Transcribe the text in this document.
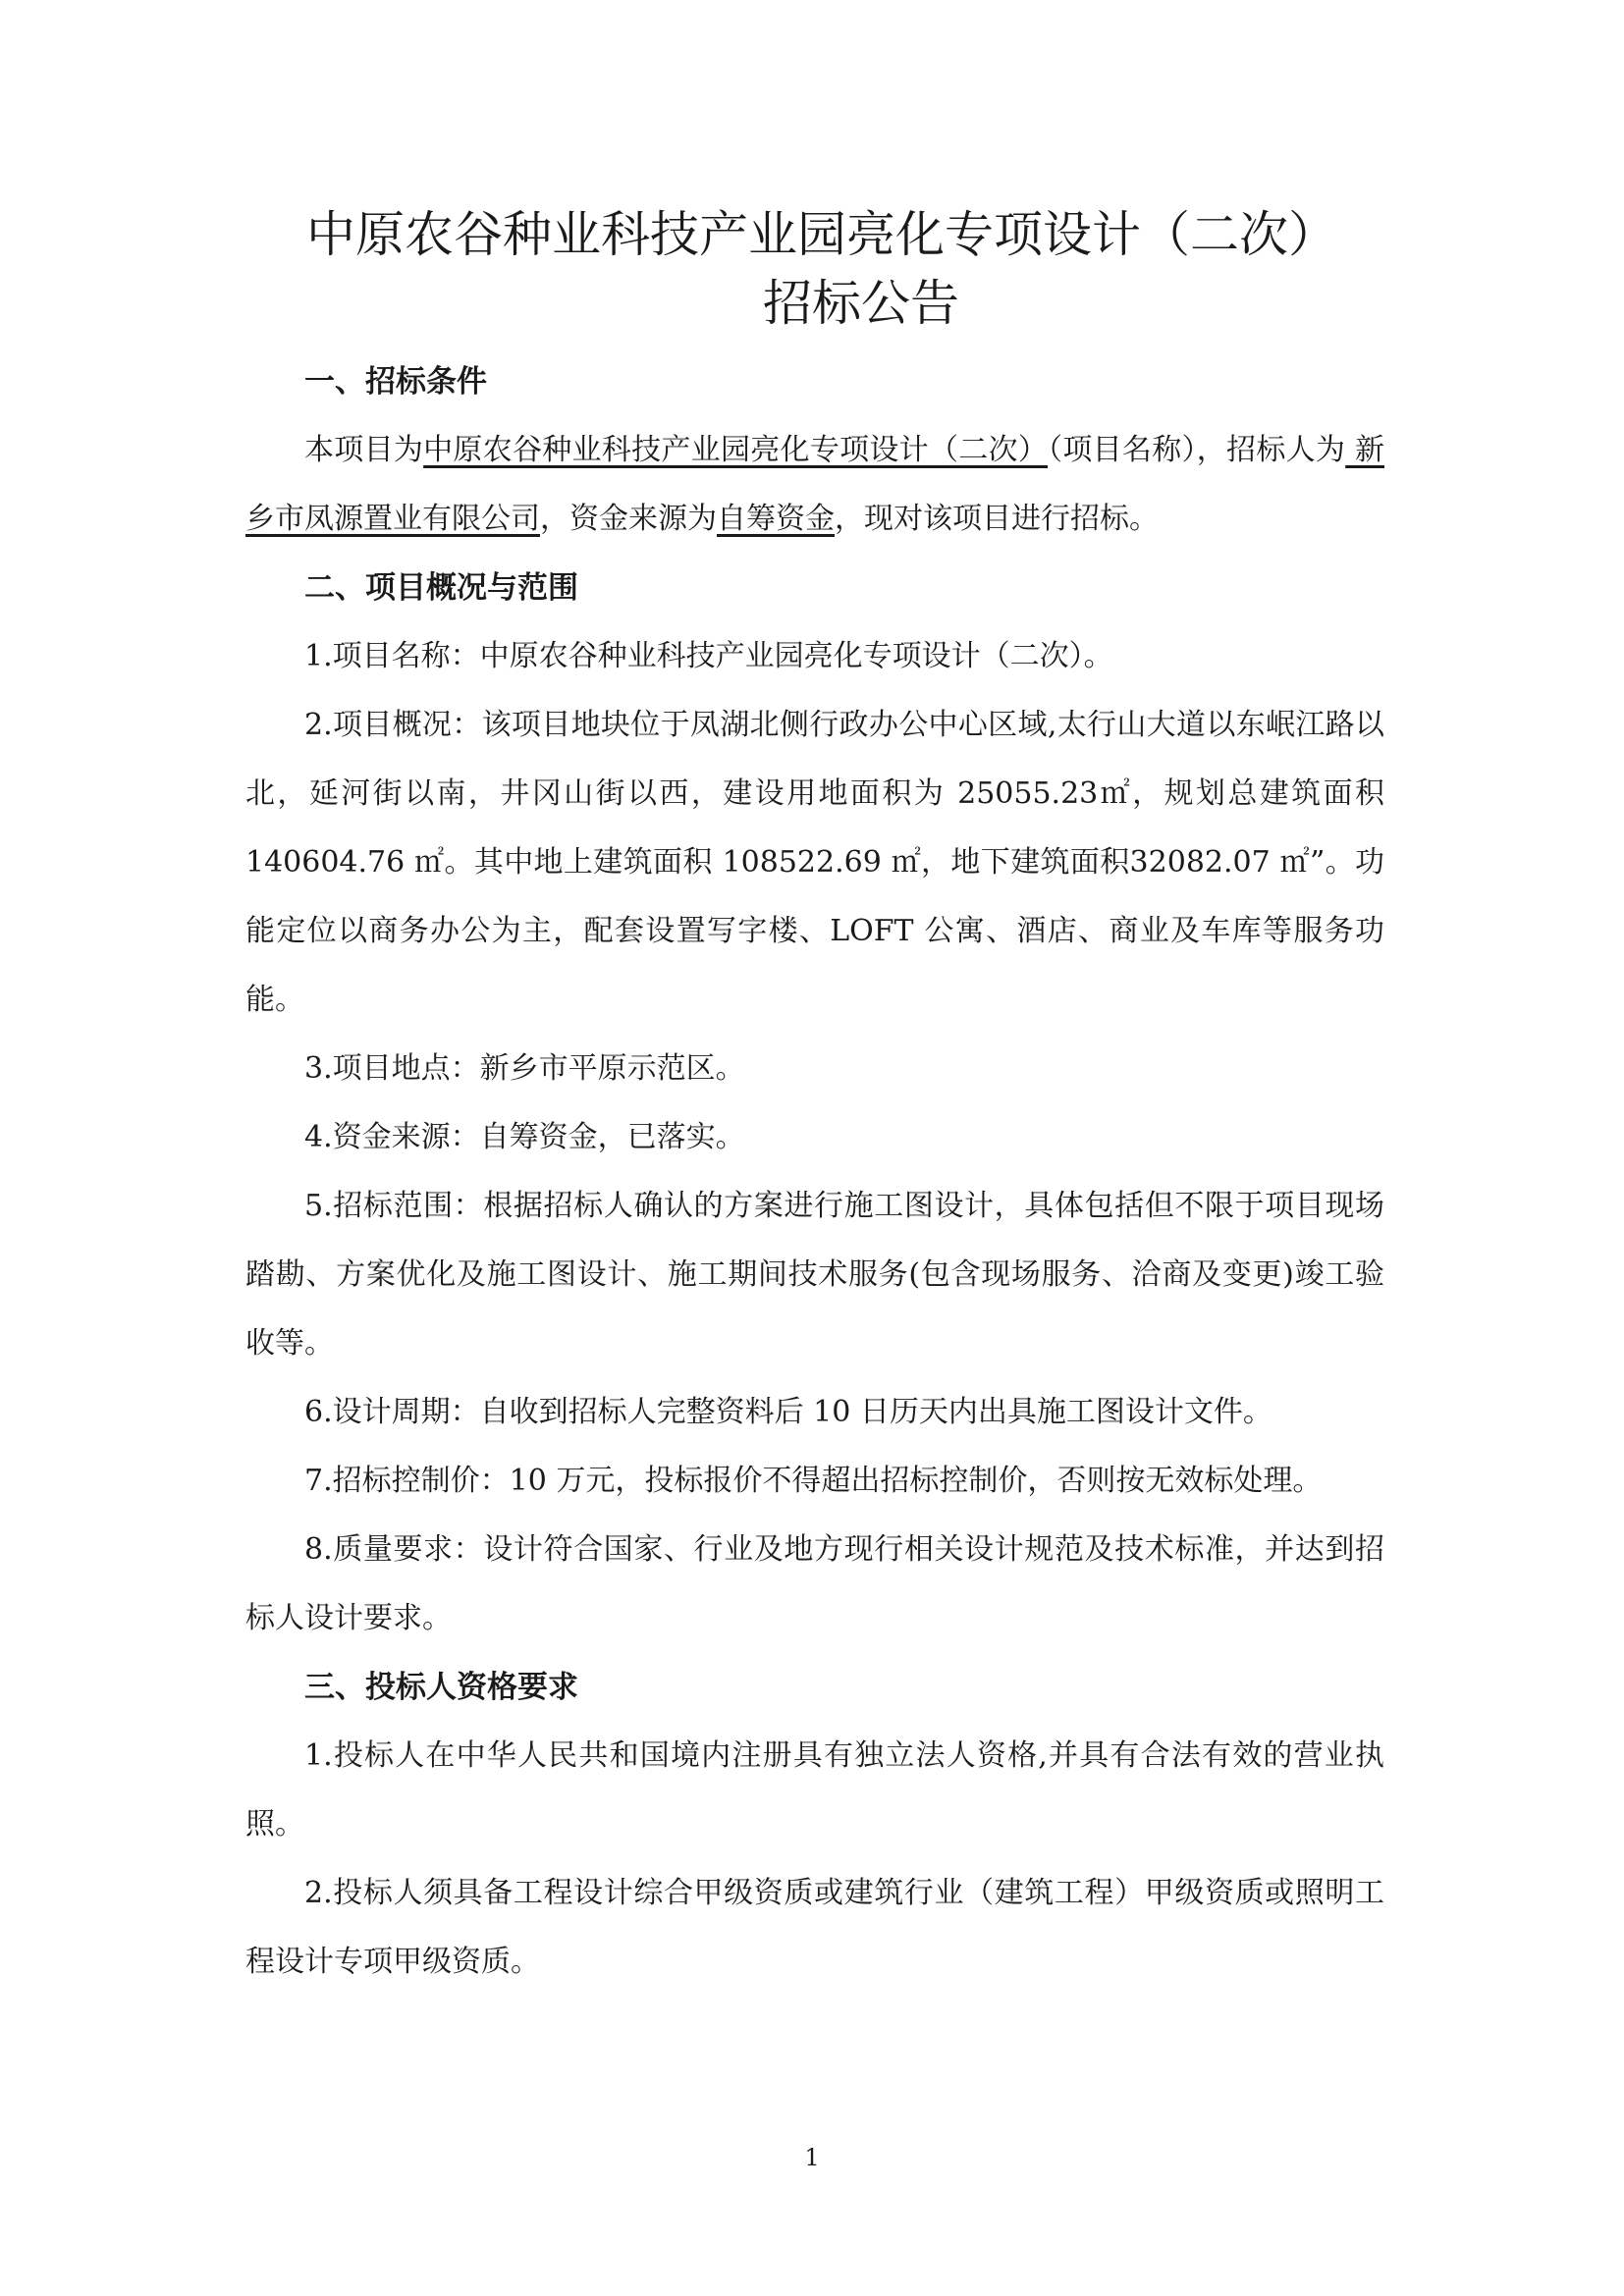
中原农谷种业科技产业园亮化专项设计（二次）
招标公告
一、招标条件

本项目为中原农谷种业科技产业园亮化专项设计（二次）（项目名称），招标人为 新乡市凤源置业有限公司，资金来源为自筹资金，现对该项目进行招标。

二、项目概况与范围

1.项目名称：中原农谷种业科技产业园亮化专项设计（二次）。

2.项目概况：该项目地块位于凤湖北侧行政办公中心区域,太行山大道以东岷江路以北，延河街以南，井冈山街以西，建设用地面积为 25055.23㎡，规划总建筑面积 140604.76 ㎡。其中地上建筑面积 108522.69 ㎡，地下建筑面积32082.07 ㎡”。功能定位以商务办公为主，配套设置写字楼、LOFT 公寓、酒店、商业及车库等服务功能。

3.项目地点：新乡市平原示范区。

4.资金来源：自筹资金，已落实。

5.招标范围：根据招标人确认的方案进行施工图设计，具体包括但不限于项目现场踏勘、方案优化及施工图设计、施工期间技术服务(包含现场服务、洽商及变更)竣工验收等。

6.设计周期：自收到招标人完整资料后 10 日历天内出具施工图设计文件。

7.招标控制价：10 万元，投标报价不得超出招标控制价，否则按无效标处理。

8.质量要求：设计符合国家、行业及地方现行相关设计规范及技术标准，并达到招标人设计要求。

三、投标人资格要求

1.投标人在中华人民共和国境内注册具有独立法人资格,并具有合法有效的营业执照。

2.投标人须具备工程设计综合甲级资质或建筑行业（建筑工程）甲级资质或照明工程设计专项甲级资质。

1
